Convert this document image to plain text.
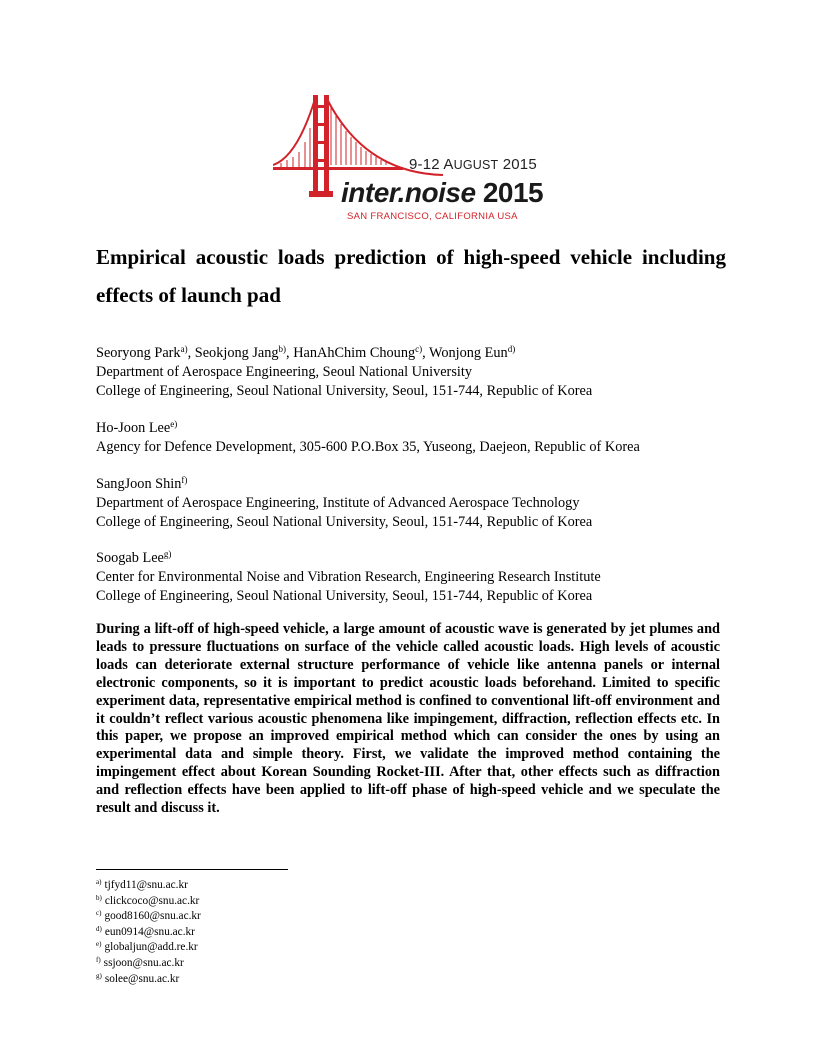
9-12 AUGUST 2015
inter.noise 2015
SAN FRANCISCO, CALIFORNIA USA
Empirical acoustic loads prediction of high-speed vehicle including
effects of launch pad

Seoryong Park$^{a)}$, Seokjong Jang$^{b)}$, HanAhChim Choung$^{c)}$, Wonjong Eun$^{d)}$

Department of Aerospace Engineering, Seoul National University

College of Engineering, Seoul National University, Seoul, 151-744, Republic of Korea

Ho-Joon Lee$^{e)}$

Agency for Defence Development, 305-600 P.O.Box 35, Yuseong, Daejeon, Republic of Korea

SangJoon Shin$^{f)}$

Department of Aerospace Engineering, Institute of Advanced Aerospace Technology

College of Engineering, Seoul National University, Seoul, 151-744, Republic of Korea

Soogab Lee$^{g)}$

Center for Environmental Noise and Vibration Research, Engineering Research Institute

College of Engineering, Seoul National University, Seoul, 151-744, Republic of Korea

During a lift-off of high-speed vehicle, a large amount of acoustic wave is generated by jet plumes and leads to pressure fluctuations on surface of the vehicle called acoustic loads. High levels of acoustic loads can deteriorate external structure performance of vehicle like antenna panels or internal electronic components, so it is important to predict acoustic loads beforehand. Limited to specific experiment data, representative empirical method is confined to conventional lift-off environment and it couldn’t reflect various acoustic phenomena like impingement, diffraction, reflection effects etc. In this paper, we propose an improved empirical method which can consider the ones by using an experimental data and simple theory. First, we validate the improved method containing the impingement effect about Korean Sounding Rocket-III. After that, other effects such as diffraction and reflection effects have been applied to lift-off phase of high-speed vehicle and we speculate the result and discuss it.

$^{a)}$ tjfyd11@snu.ac.kr
$^{b)}$ clickcoco@snu.ac.kr
$^{c)}$ good8160@snu.ac.kr
$^{d)}$ eun0914@snu.ac.kr
$^{e)}$ globaljun@add.re.kr
$^{f)}$ ssjoon@snu.ac.kr
$^{g)}$ solee@snu.ac.kr
